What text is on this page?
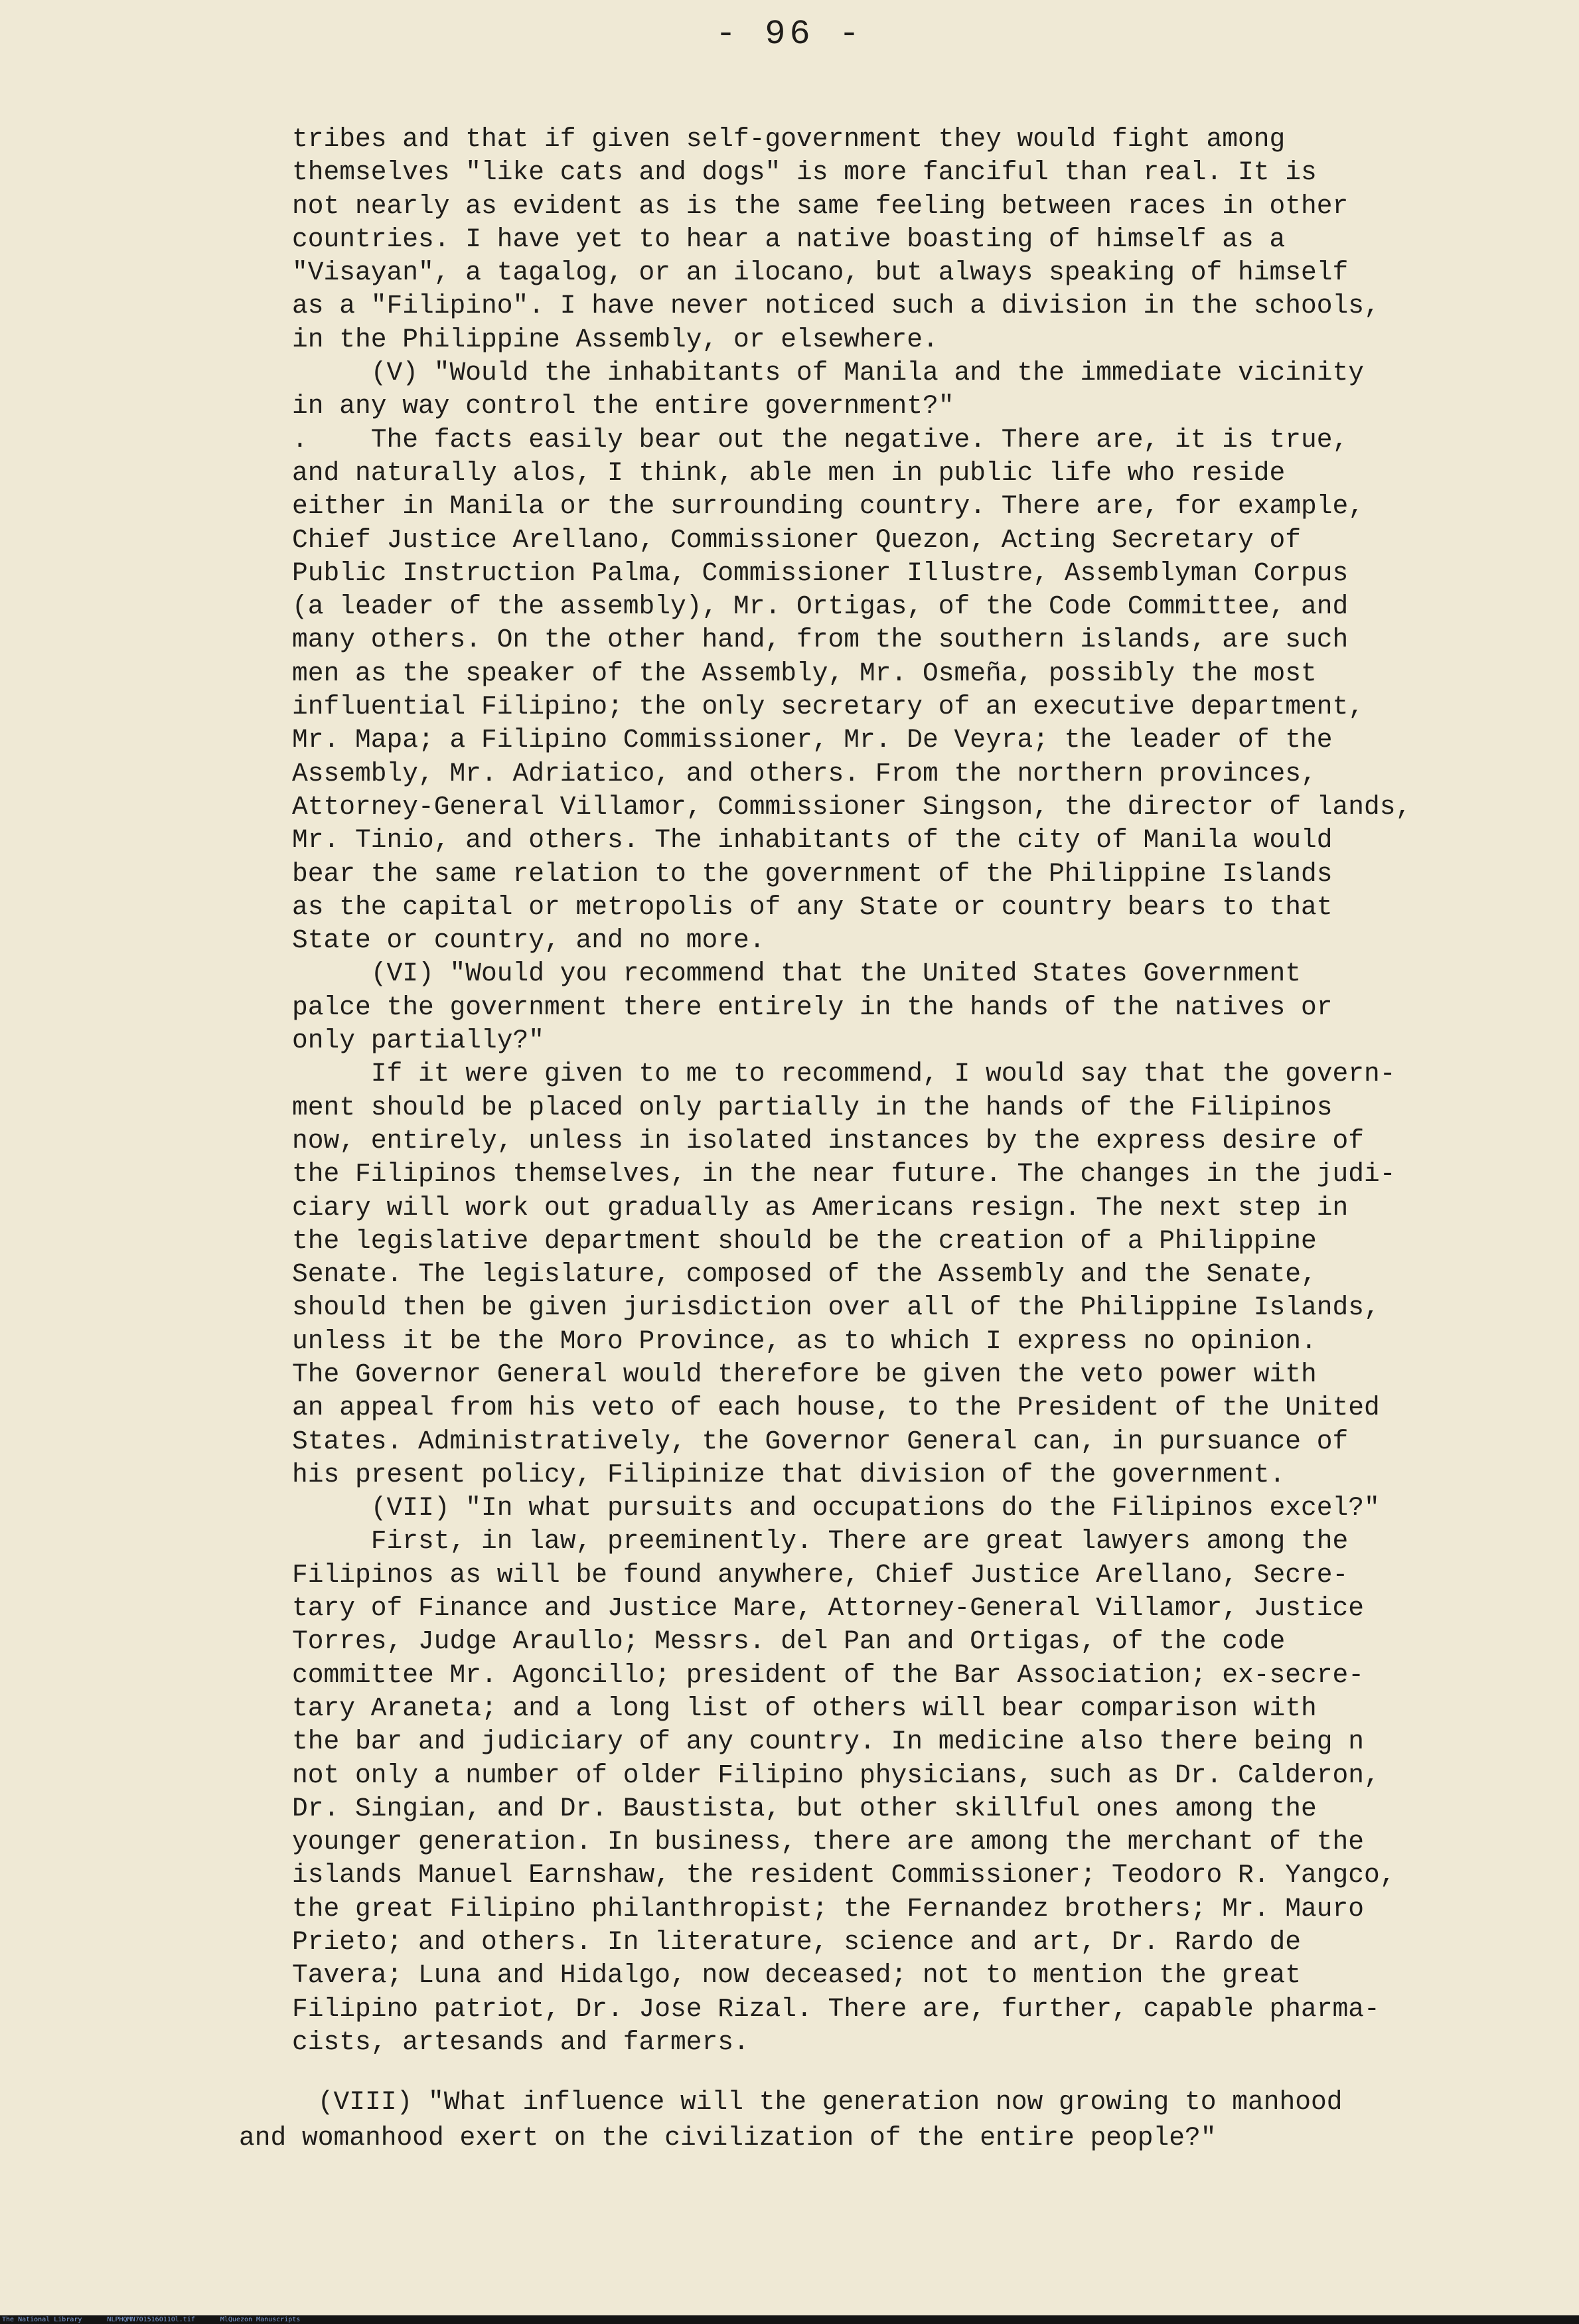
- 96 -
tribes and that if given self-government they would fight among
themselves "like cats and dogs" is more fanciful than real. It is
not nearly as evident as is the same feeling between races in other
countries. I have yet to hear a native boasting of himself as a
"Visayan", a tagalog, or an ilocano, but always speaking of himself
as a "Filipino". I have never noticed such a division in the schools,
in the Philippine Assembly, or elsewhere.
(V) "Would the inhabitants of Manila and the immediate vicinity
in any way control the entire government?"
.    The facts easily bear out the negative. There are, it is true,
and naturally alos, I think, able men in public life who reside
either in Manila or the surrounding country. There are, for example,
Chief Justice Arellano, Commissioner Quezon, Acting Secretary of
Public Instruction Palma, Commissioner Illustre, Assemblyman Corpus
(a leader of the assembly), Mr. Ortigas, of the Code Committee, and
many others. On the other hand, from the southern islands, are such
men as the speaker of the Assembly, Mr. Osmeña, possibly the most
influential Filipino; the only secretary of an executive department,
Mr. Mapa; a Filipino Commissioner, Mr. De Veyra; the leader of the
Assembly, Mr. Adriatico, and others. From the northern provinces,
Attorney-General Villamor, Commissioner Singson, the director of lands,
Mr. Tinio, and others. The inhabitants of the city of Manila would
bear the same relation to the government of the Philippine Islands
as the capital or metropolis of any State or country bears to that
State or country, and no more.
(VI) "Would you recommend that the United States Government
palce the government there entirely in the hands of the natives or
only partially?"
If it were given to me to recommend, I would say that the govern-
ment should be placed only partially in the hands of the Filipinos
now, entirely, unless in isolated instances by the express desire of
the Filipinos themselves, in the near future. The changes in the judi-
ciary will work out gradually as Americans resign. The next step in
the legislative department should be the creation of a Philippine
Senate. The legislature, composed of the Assembly and the Senate,
should then be given jurisdiction over all of the Philippine Islands,
unless it be the Moro Province, as to which I express no opinion.
The Governor General would therefore be given the veto power with
an appeal from his veto of each house, to the President of the United
States. Administratively, the Governor General can, in pursuance of
his present policy, Filipinize that division of the government.
(VII) "In what pursuits and occupations do the Filipinos excel?"
First, in law, preeminently. There are great lawyers among the
Filipinos as will be found anywhere, Chief Justice Arellano, Secre-
tary of Finance and Justice Mare, Attorney-General Villamor, Justice
Torres, Judge Araullo; Messrs. del Pan and Ortigas, of the code
committee Mr. Agoncillo; president of the Bar Association; ex-secre-
tary Araneta; and a long list of others will bear comparison with
the bar and judiciary of any country. In medicine also there being n
not only a number of older Filipino physicians, such as Dr. Calderon,
Dr. Singian, and Dr. Baustista, but other skillful ones among the
younger generation. In business, there are among the merchant of the
islands Manuel Earnshaw, the resident Commissioner; Teodoro R. Yangco,
the great Filipino philanthropist; the Fernandez brothers; Mr. Mauro
Prieto; and others. In literature, science and art, Dr. Rardo de
Tavera; Luna and Hidalgo, now deceased; not to mention the great
Filipino patriot, Dr. Jose Rizal. There are, further, capable pharma-
cists, artesands and farmers.
(VIII) "What influence will the generation now growing to manhood
and womanhood exert on the civilization of the entire people?"
The National Library	NLPHQMN7015160110l.tif	MlQuezon Manuscripts
